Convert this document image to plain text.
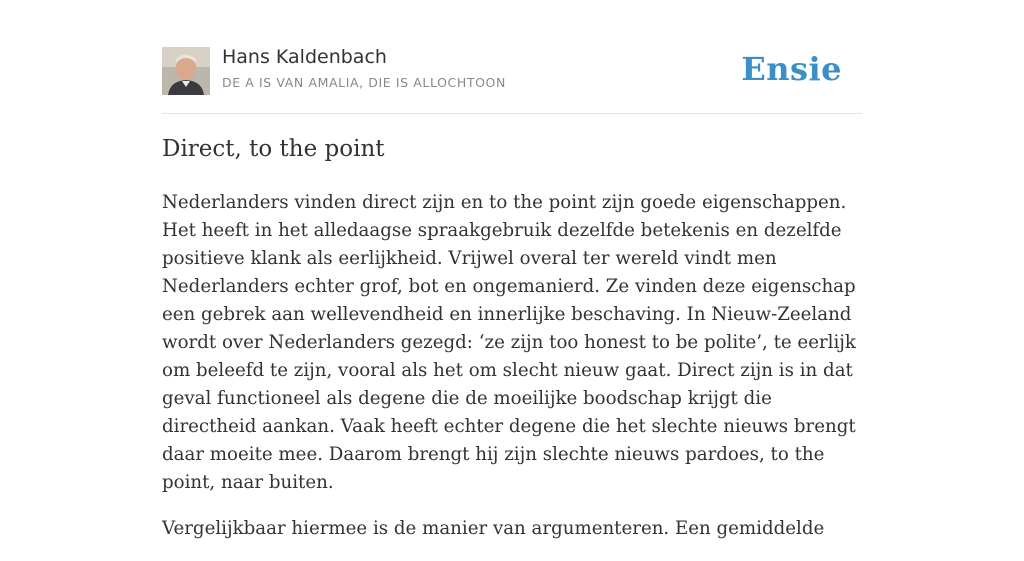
Hans Kaldenbach
DE A IS VAN AMALIA, DIE IS ALLOCHTOON	Ensie
Direct, to the point

Nederlanders vinden direct zijn en to the point zijn goede eigenschappen. Het heeft in het alledaagse spraakgebruik dezelfde betekenis en dezelfde positieve klank als eerlijkheid. Vrijwel overal ter wereld vindt men Nederlanders echter grof, bot en ongemanierd. Ze vinden deze eigenschap een gebrek aan wellevendheid en innerlijke beschaving. In Nieuw-Zeeland wordt over Nederlanders gezegd: ‘ze zijn too honest to be polite’, te eerlijk om beleefd te zijn, vooral als het om slecht nieuw gaat. Direct zijn is in dat geval functioneel als degene die de moeilijke boodschap krijgt die directheid aankan. Vaak heeft echter degene die het slechte nieuws brengt daar moeite mee. Daarom brengt hij zijn slechte nieuws pardoes, to the point, naar buiten.

Vergelijkbaar hiermee is de manier van argumenteren. Een gemiddelde
